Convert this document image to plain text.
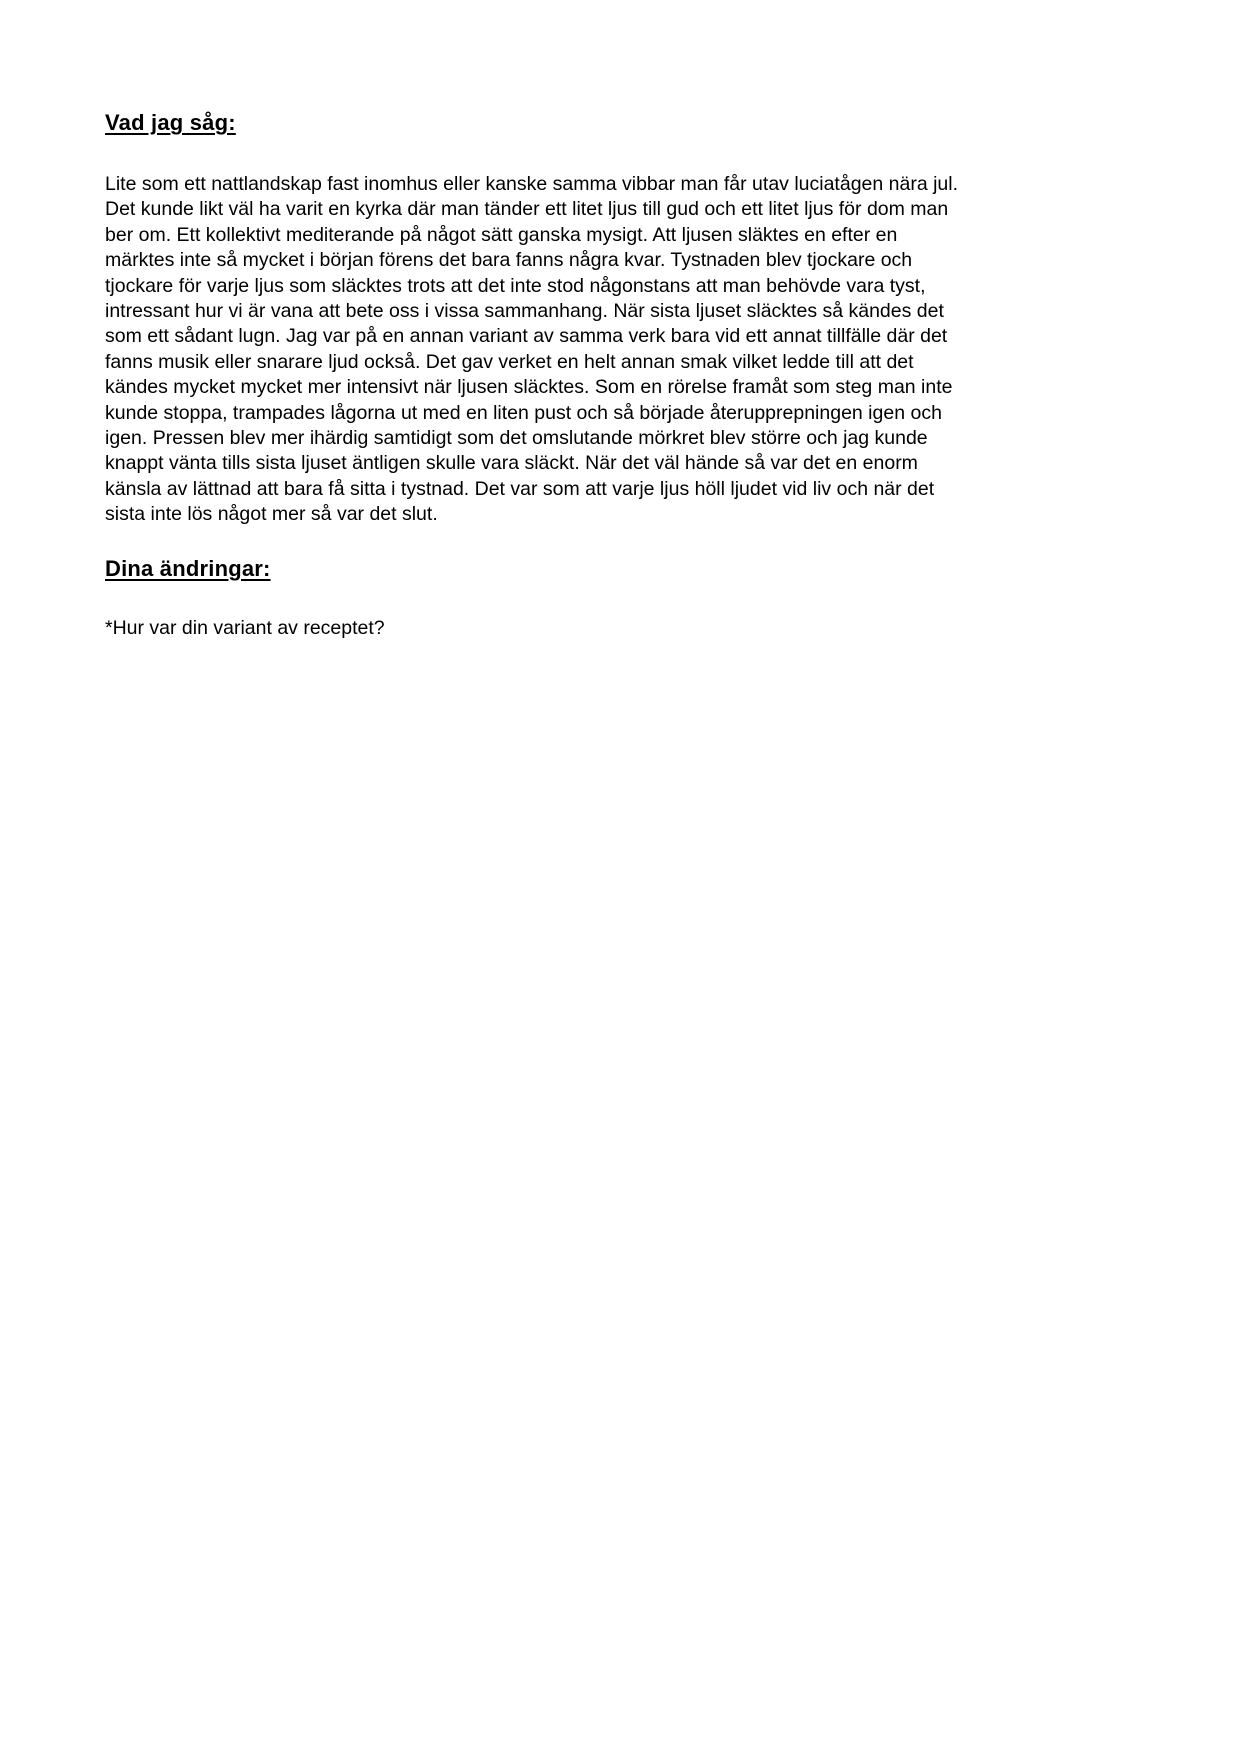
Vad jag såg:
Lite som ett nattlandskap fast inomhus eller kanske samma vibbar man får utav luciatågen nära jul.
Det kunde likt väl ha varit en kyrka där man tänder ett litet ljus till gud och ett litet ljus för dom man
ber om. Ett kollektivt mediterande på något sätt ganska mysigt. Att ljusen släktes en efter en
märktes inte så mycket i början förens det bara fanns några kvar. Tystnaden blev tjockare och
tjockare för varje ljus som släcktes trots att det inte stod någonstans att man behövde vara tyst,
intressant hur vi är vana att bete oss i vissa sammanhang. När sista ljuset släcktes så kändes det
som ett sådant lugn. Jag var på en annan variant av samma verk bara vid ett annat tillfälle där det
fanns musik eller snarare ljud också. Det gav verket en helt annan smak vilket ledde till att det
kändes mycket mycket mer intensivt när ljusen släcktes. Som en rörelse framåt som steg man inte
kunde stoppa, trampades lågorna ut med en liten pust och så började återupprepningen igen och
igen. Pressen blev mer ihärdig samtidigt som det omslutande mörkret blev större och jag kunde
knappt vänta tills sista ljuset äntligen skulle vara släckt. När det väl hände så var det en enorm
känsla av lättnad att bara få sitta i tystnad. Det var som att varje ljus höll ljudet vid liv och när det
sista inte lös något mer så var det slut.
Dina ändringar:
*Hur var din variant av receptet?
